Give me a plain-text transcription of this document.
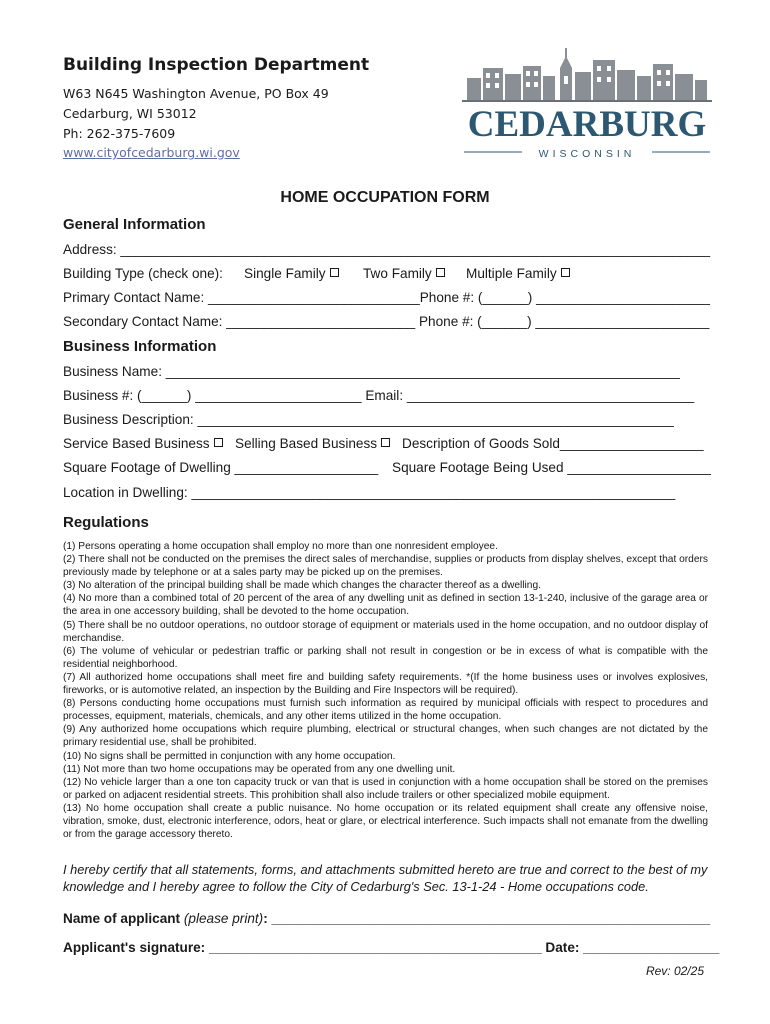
Building Inspection Department
W63 N645 Washington Avenue, PO Box 49
Cedarburg, WI 53012
Ph: 262-375-7609
www.cityofcedarburg.wi.gov
CEDARBURG
WISCONSIN
HOME OCCUPATION FORM
General Information
Address: ______________________________________________________________________________
Building Type (check one): Single Family	Two Family	Multiple Family
Primary Contact Name: ____________________________Phone #: (______) _______________________
Secondary Contact Name: _________________________ Phone #: (______) _______________________
Business Information
Business Name: ____________________________________________________________________
Business #: (______) ______________________ Email: ______________________________________
Business Description: _______________________________________________________________
Service Based Business	Selling Based Business	Description of Goods Sold___________________
Square Footage of Dwelling ___________________ Square Footage Being Used ___________________
Location in Dwelling: ________________________________________________________________
Regulations

(1) Persons operating a home occupation shall employ no more than one nonresident employee.

(2) There shall not be conducted on the premises the direct sales of merchandise, supplies or products from display shelves, except that orders previously made by telephone or at a sales party may be picked up on the premises.

(3) No alteration of the principal building shall be made which changes the character thereof as a dwelling.

(4) No more than a combined total of 20 percent of the area of any dwelling unit as defined in section 13-1-240, inclusive of the garage area or the area in one accessory building, shall be devoted to the home occupation.

(5) There shall be no outdoor operations, no outdoor storage of equipment or materials used in the home occupation, and no outdoor display of merchandise.

(6) The volume of vehicular or pedestrian traffic or parking shall not result in congestion or be in excess of what is compatible with the residential neighborhood.

(7) All authorized home occupations shall meet fire and building safety requirements. *(If the home business uses or involves explosives, fireworks, or is automotive related, an inspection by the Building and Fire Inspectors will be required).

(8) Persons conducting home occupations must furnish such information as required by municipal officials with respect to procedures and processes, equipment, materials, chemicals, and any other items utilized in the home occupation.

(9) Any authorized home occupations which require plumbing, electrical or structural changes, when such changes are not dictated by the primary residential use, shall be prohibited.

(10) No signs shall be permitted in conjunction with any home occupation.

(11) Not more than two home occupations may be operated from any one dwelling unit.

(12) No vehicle larger than a one ton capacity truck or van that is used in conjunction with a home occupation shall be stored on the premises or parked on adjacent residential streets. This prohibition shall also include trailers or other specialized mobile equipment.

(13) No home occupation shall create a public nuisance. No home occupation or its related equipment shall create any offensive noise, vibration, smoke, dust, electronic interference, odors, heat or glare, or electrical interference. Such impacts shall not emanate from the dwelling or from the garage accessory thereto.

I hereby certify that all statements, forms, and attachments submitted hereto are true and correct to the best of my knowledge and I hereby agree to follow the City of Cedarburg's Sec. 13-1-24 - Home occupations code.
Name of applicant (please print): __________________________________________________________
Applicant's signature: ____________________________________________ Date: __________________
Rev: 02/25
